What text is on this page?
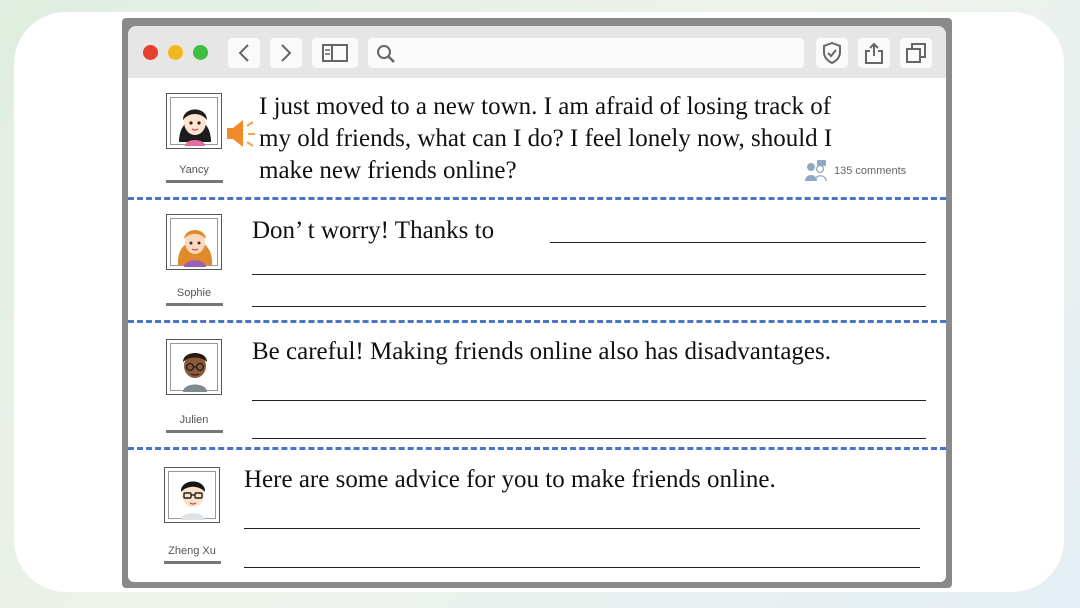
Yancy
I just moved to a new town. I am afraid of losing track of
my old friends, what can I do? I feel lonely now, should I
make new friends online?	135 comments
Sophie
Don’ t worry! Thanks to
Julien
Be careful! Making friends online also has disadvantages.
Zheng Xu
Here are some advice for you to make friends online.
